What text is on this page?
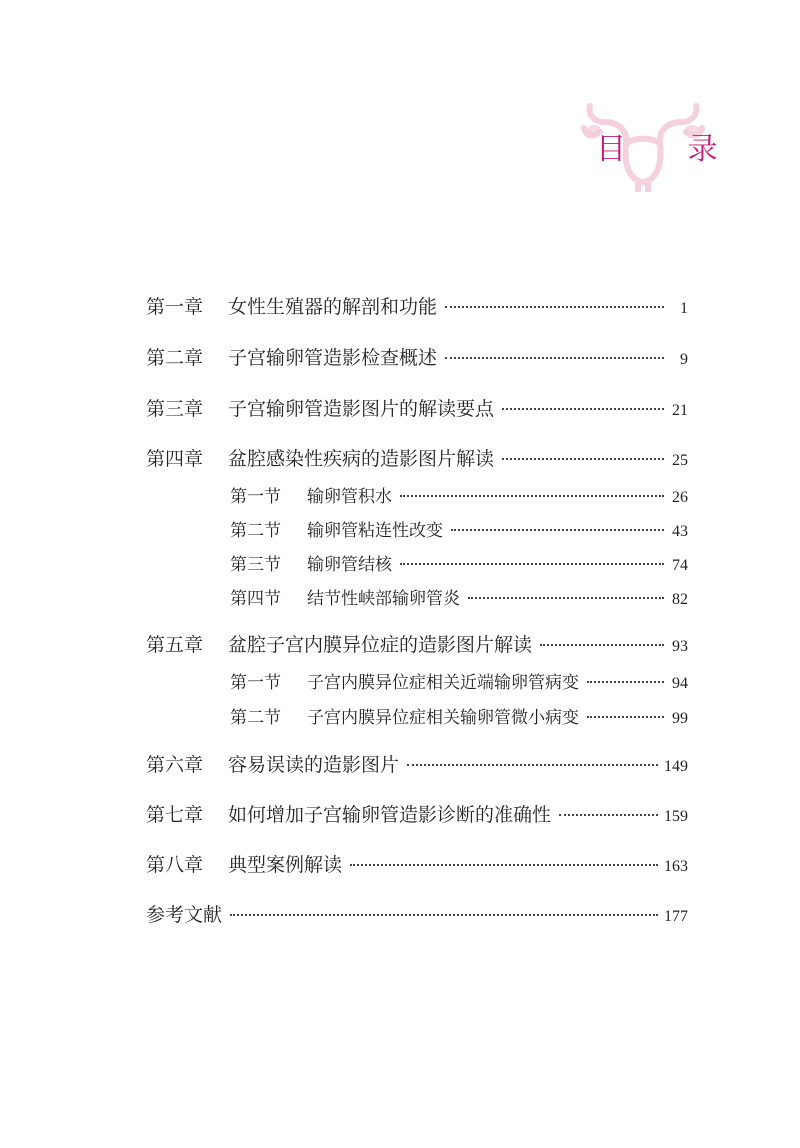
目 录
第一章	女性生殖器的解剖和功能	1
第二章	子宫输卵管造影检查概述	9
第三章	子宫输卵管造影图片的解读要点	21
第四章	盆腔感染性疾病的造影图片解读	25
第一节	输卵管积水	26
第二节	输卵管粘连性改变	43
第三节	输卵管结核	74
第四节	结节性峡部输卵管炎	82
第五章	盆腔子宫内膜异位症的造影图片解读	93
第一节	子宫内膜异位症相关近端输卵管病变	94
第二节	子宫内膜异位症相关输卵管微小病变	99
第六章	容易误读的造影图片	149
第七章	如何增加子宫输卵管造影诊断的准确性	159
第八章	典型案例解读	163
参考文献	177
